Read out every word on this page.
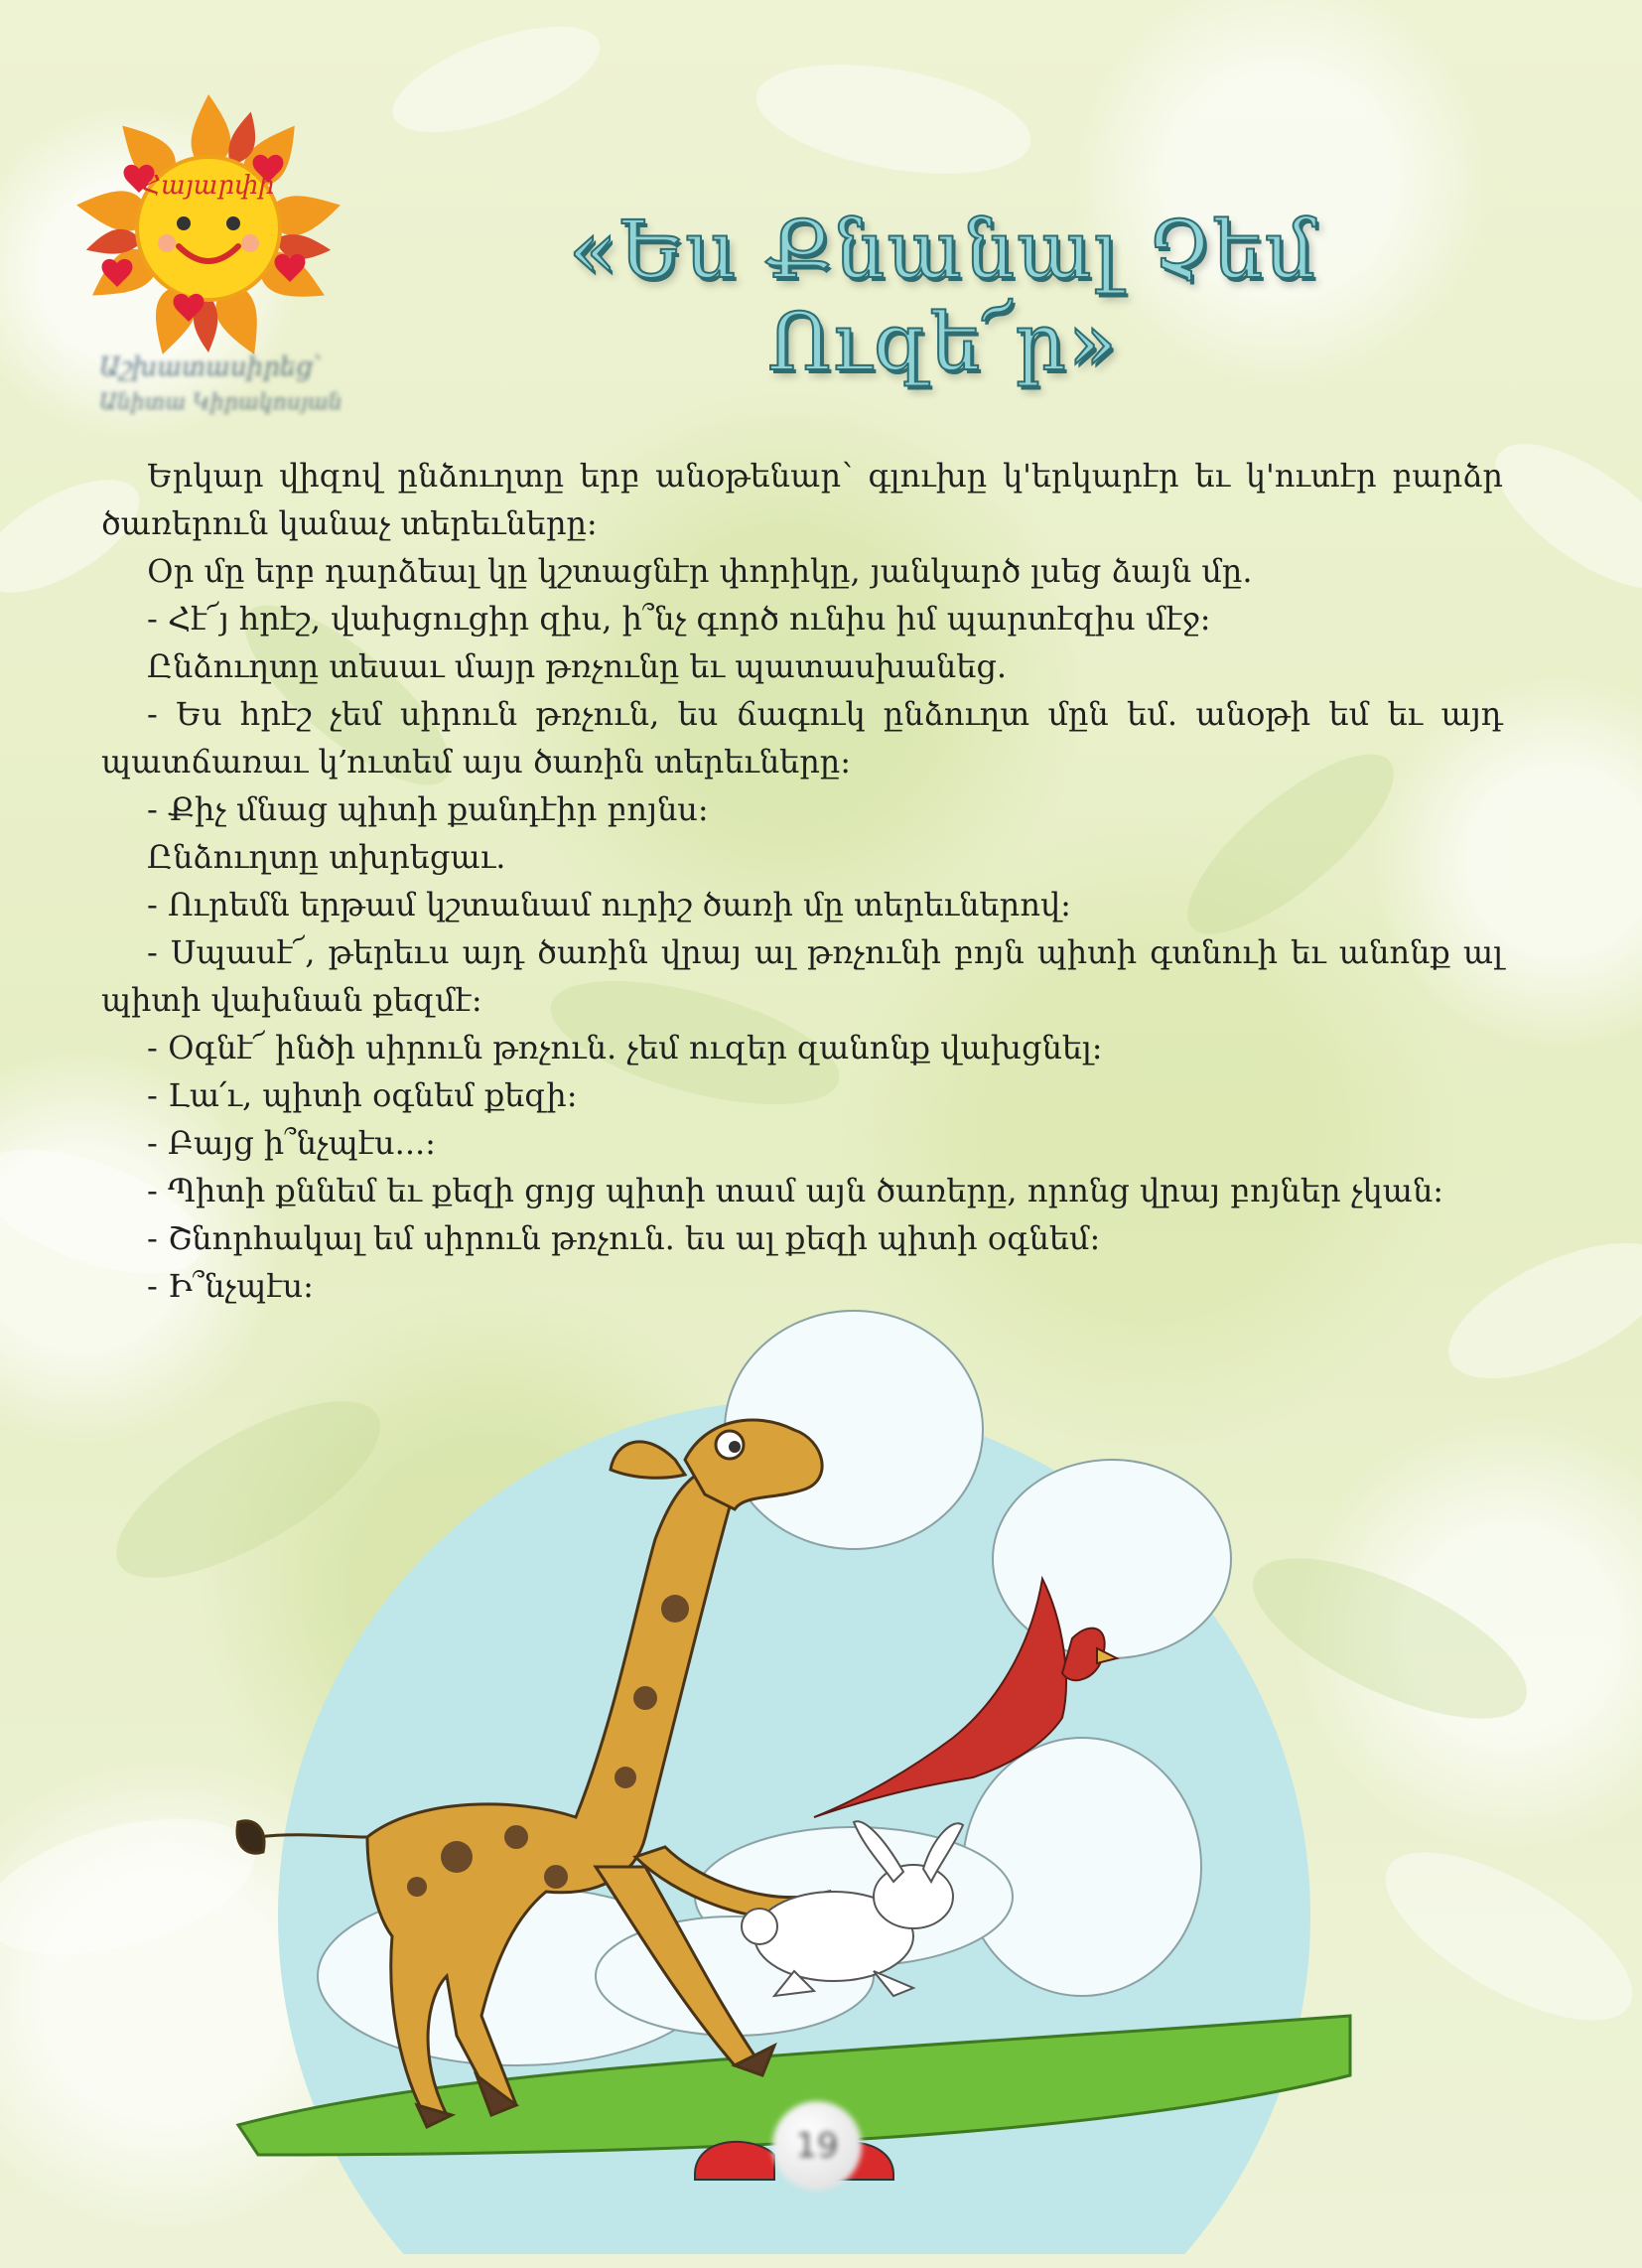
Հայարփի
Աշխատասիրեց՝
Անիտա Կիրակոսյան
«Ես Քնանալ Չեմ Ուզե՜ր»

Երկար վիզով ընձուղտը երբ անօթենար՝ գլուխը կ'երկարէր եւ կ'ուտէր բարձր ծառերուն կանաչ տերեւները:

Օր մը երբ դարձեալ կը կշտացնէր փորիկը, յանկարծ լսեց ձայն մը.

- Հէ՜յ հրէշ, վախցուցիր զիս, ի՞նչ գործ ունիս իմ պարտէզիս մէջ:

Ընձուղտը տեսաւ մայր թռչունը եւ պատասխանեց.

- Ես հրէշ չեմ սիրուն թռչուն, ես ճագուկ ընձուղտ մըն եմ. անօթի եմ եւ այդ պատճառաւ կ՚ուտեմ այս ծառին տերեւները:

- Քիչ մնաց պիտի քանդէիր բոյնս:

Ընձուղտը տխրեցաւ.

- Ուրեմն երթամ կշտանամ ուրիշ ծառի մը տերեւներով:

- Սպասէ՜, թերեւս այդ ծառին վրայ ալ թռչունի բոյն պիտի գտնուի եւ անոնք ալ պիտի վախնան քեզմէ:

- Օգնէ՜ ինծի սիրուն թռչուն. չեմ ուզեր զանոնք վախցնել:

- Լա՛ւ, պիտի օգնեմ քեզի:

- Բայց ի՞նչպէս...:

- Պիտի քննեմ եւ քեզի ցոյց պիտի տամ այն ծառերը, որոնց վրայ բոյներ չկան:

- Շնորհակալ եմ սիրուն թռչուն. ես ալ քեզի պիտի օգնեմ:

- Ի՞նչպէս:

19
